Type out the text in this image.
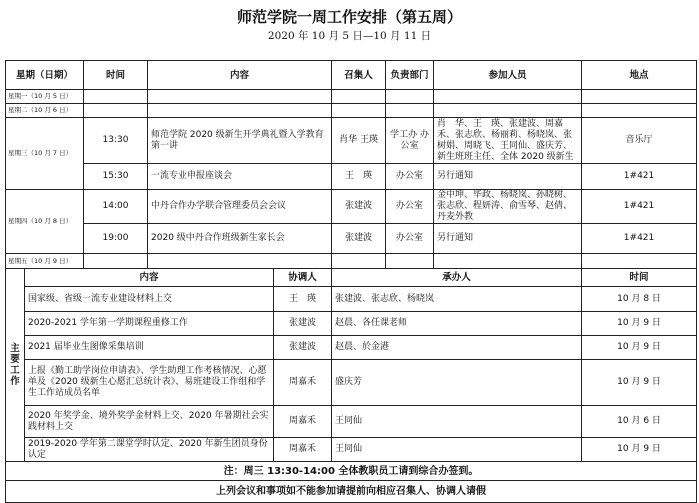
师范学院一周工作安排（第五周）
2020 年 10 月 5 日—10 月 11 日
星期（日期）		时间	内容		召集人	负责部门	参加人员	地点
星期一（10 月 5 日）								
星期二（10 月 6 日）								
星期三（10 月 7 日）		13:30	师范学院 2020 级新生开学典礼暨入学教育第一讲		肖华 王瑛	学工办 办公室	肖　华、王　瑛、张建波、周嘉禾、张志欣、杨丽莉、杨晓岚、张树娟、周晓飞、王同仙、盛庆芳、新生班班主任、全体 2020 级新生	音乐厅
		15:30	一流专业申报座谈会		王　瑛	办公室	另行通知	1#421
星期四（10 月 8 日）		14:00	中丹合作办学联合管理委员会会议		张建波	办公室	金中坤、毕政、杨晓岚、孙晓树、张志欣、程妍涛、俞雪琴、赵倩、丹麦外教	1#421
		19:00	2020 级中丹合作班级新生家长会		张建波	办公室	另行通知	1#421
星期五（10 月 9 日）								

主
要
工
作	内容			协调人	承办人			时间
	国家级、省级一流专业建设材料上交			王　瑛	张建波、张志欣、杨晓岚			10 月 8 日
	2020-2021 学年第一学期课程重修工作			张建波	赵晨、各任课老师			10 月 9 日
	2021 届毕业生图像采集培训			张建波	赵晨、於金港			10 月 9 日
	上报《勤工助学岗位申请表》、学生助理工作考核情况、心愿单及《2020 级新生心愿汇总统计表》、易班建设工作组和学生工作站成员名单			周嘉禾	盛庆芳			10 月 9 日
	2020 年奖学金、境外奖学金材料上交、2020 年暑期社会实践材料上交			周嘉禾	王同仙			10 月 6 日
	2019-2020 学年第二课堂学时认定、2020 年新生团员身份认定			周嘉禾	王同仙			10 月 9 日
注：周三 13:30-14:00 全体教职员工请到综合办签到。								
上列会议和事项如不能参加请提前向相应召集人、协调人请假								
